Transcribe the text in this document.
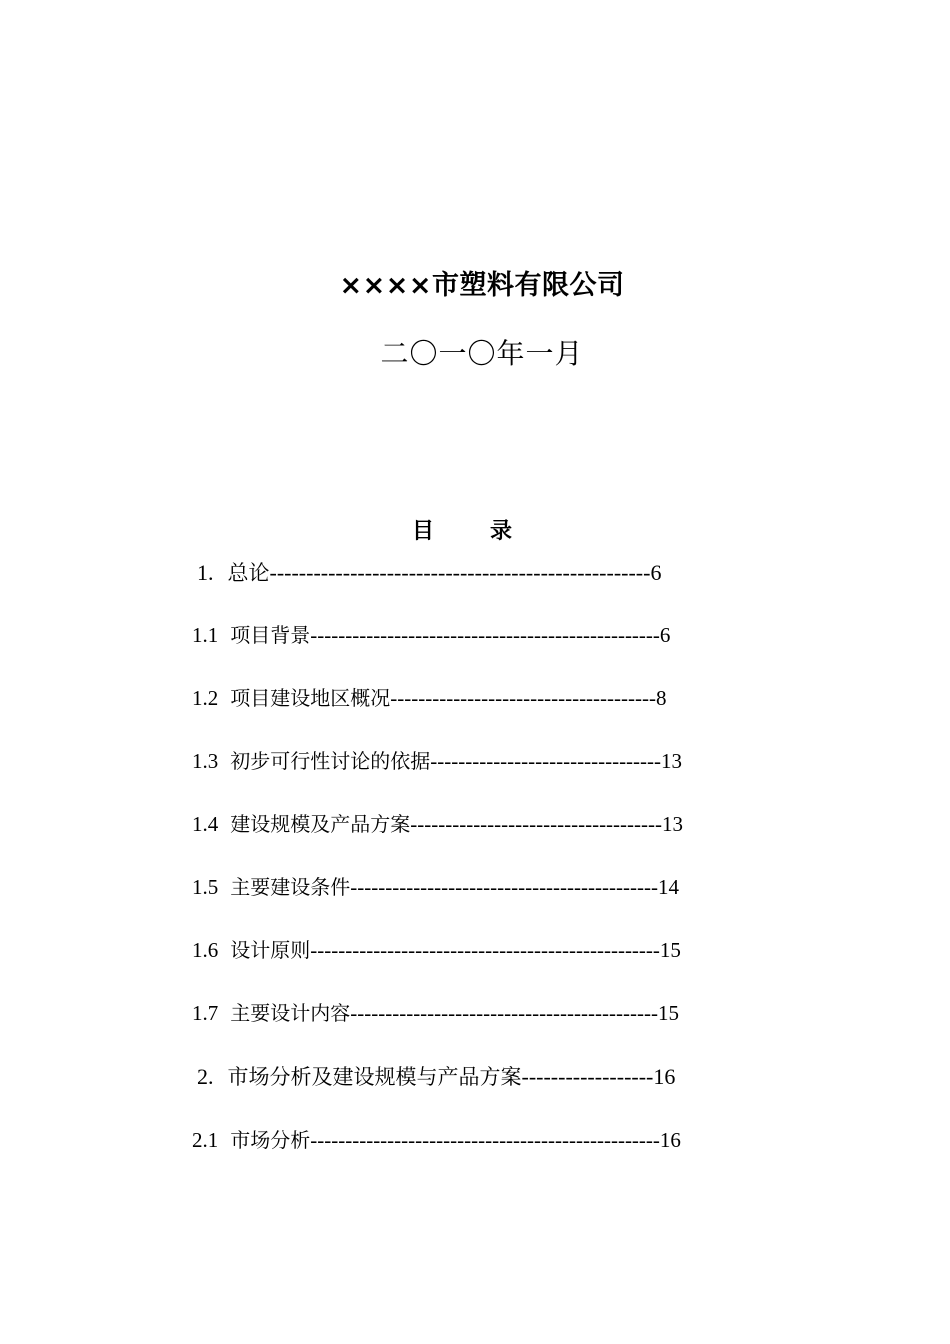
××××市塑料有限公司
二〇一〇年一月
目	录
1. 总论----------------------------------------------------6
1.1 项目背景--------------------------------------------------6
1.2 项目建设地区概况--------------------------------------8
1.3 初步可行性讨论的依据---------------------------------13
1.4 建设规模及产品方案------------------------------------13
1.5 主要建设条件--------------------------------------------14
1.6 设计原则--------------------------------------------------15
1.7 主要设计内容--------------------------------------------15
2. 市场分析及建设规模与产品方案------------------16
2.1 市场分析--------------------------------------------------16
